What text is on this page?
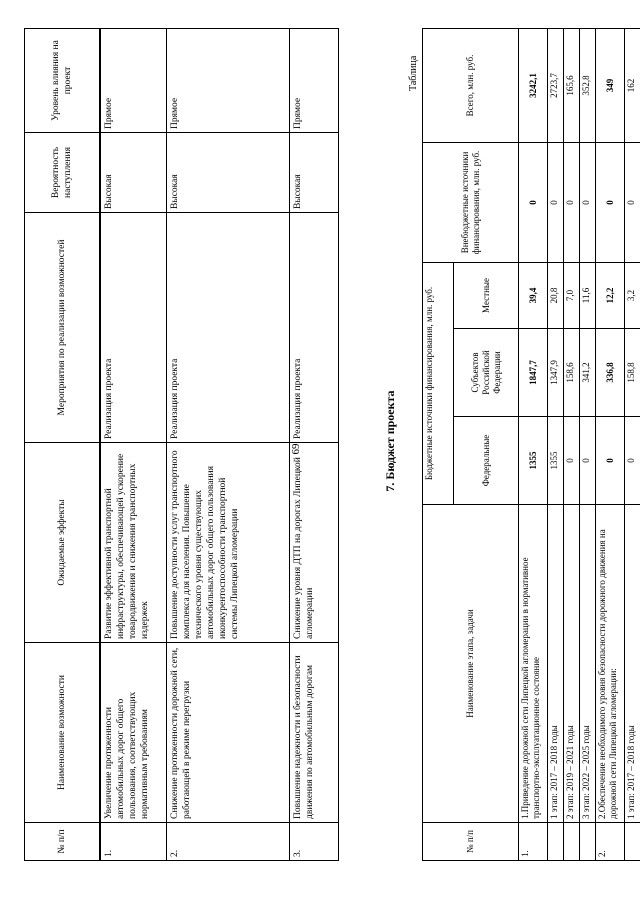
69
№ п/п	Наименование возможности	Ожидаемые эффекты	Мероприятия по реализации возможностей	Вероятность наступления	Уровень влияния на проект
1.	Увеличение протяженности автомобильных дорог общего пользования, соответствующих нормативным требованиям	Развитие эффективной транспортной инфраструктуры, обеспечивающей ускорение товародвижения и снижения транспортных издержек	Реализация проекта	Высокая	Прямое
2.	Снижение протяженности дорожной сети, работающей в режиме перегрузки	Повышение доступности услуг транспортного комплекса для населения. Повышение технического уровня существующих автомобильных дорог общего пользования иконкурентоспособности транспортной системы Липецкой агломерации	Реализация проекта	Высокая	Прямое
3.	Повышение надежности и безопасности движения по автомобильным дорогам	Снижение уровня ДТП на дорогах Липецкой агломерации	Реализация проекта	Высокая	Прямое
7. Бюджет проекта
Таблица
№ п/п	Наименование этапа, задачи	Бюджетные источники финансирования, млн. руб.			Внебюджетные источники финансирования, млн. руб.	Всего, млн. руб.
		Федеральные	Субъектов Российской Федерации	Местные		
1.	1.Приведение дорожной сети Липецкой агломерации в нормативное транспортно-эксплуатационное состояние	1355	1847,7	39,4	0	3242,1
	1 этап: 2017 – 2018 годы	1355	1347,9	20,8	0	2723,7
	2 этап: 2019 – 2021 годы	0	158,6	7,0	0	165,6
	3 этап: 2022 – 2025 годы	0	341,2	11,6	0	352,8
2.	2.Обеспечение необходимого уровня безопасности дорожного движения на дорожной сети Липецкой агломерации:	0	336,8	12,2	0	349
	1 этап: 2017 – 2018 годы	0	158,8	3,2	0	162
